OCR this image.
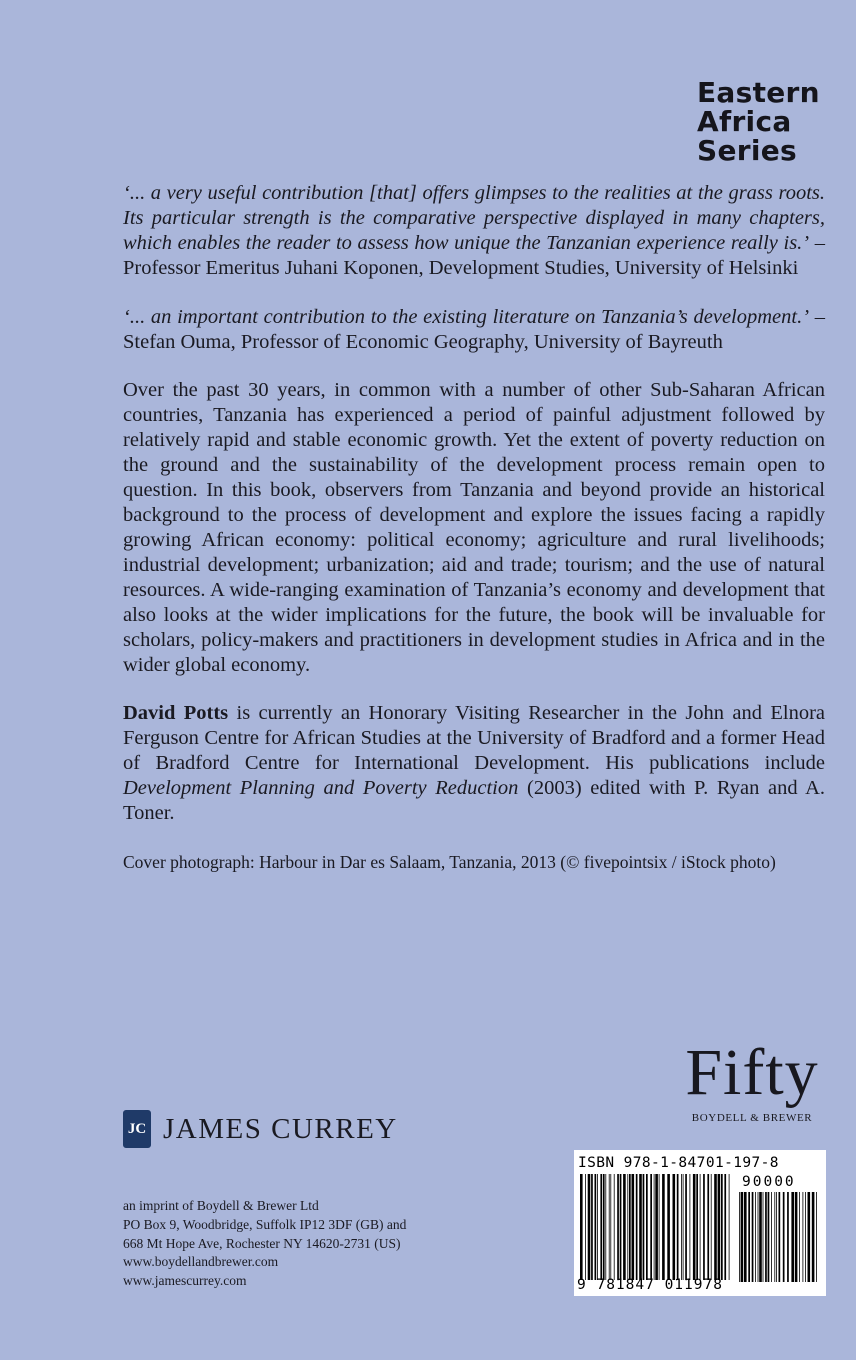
Eastern
Africa
Series

‘... a very useful contribution [that] offers glimpses to the realities at the grass roots. Its particular strength is the comparative perspective displayed in many chapters, which enables the reader to assess how unique the Tanzanian experience really is.’ – Professor Emeritus Juhani Koponen, Development Studies, University of Helsinki

‘... an important contribution to the existing literature on Tanzania’s development.’ – Stefan Ouma, Professor of Economic Geography, University of Bayreuth

Over the past 30 years, in common with a number of other Sub-Saharan African countries, Tanzania has experienced a period of painful adjustment followed by relatively rapid and stable economic growth. Yet the extent of poverty reduction on the ground and the sustainability of the development process remain open to question. In this book, observers from Tanzania and beyond provide an historical background to the process of development and explore the issues facing a rapidly growing African economy: political economy; agriculture and rural livelihoods; industrial development; urbanization; aid and trade; tourism; and the use of natural resources. A wide-ranging examination of Tanzania’s economy and development that also looks at the wider implications for the future, the book will be invaluable for scholars, policy-makers and practitioners in development studies in Africa and in the wider global economy.

David Potts is currently an Honorary Visiting Researcher in the John and Elnora Ferguson Centre for African Studies at the University of Bradford and a former Head of Bradford Centre for International Development. His publications include Development Planning and Poverty Reduction (2003) edited with P. Ryan and A. Toner.

Cover photograph: Harbour in Dar es Salaam, Tanzania, 2013 (© fivepointsix / iStock photo)

Fifty
BOYDELL & BREWER
JC JAMES CURREY
an imprint of Boydell & Brewer Ltd
PO Box 9, Woodbridge, Suffolk IP12 3DF (GB) and
668 Mt Hope Ave, Rochester NY 14620-2731 (US)
www.boydellandbrewer.com
www.jamescurrey.com
ISBN 978-1-84701-197-8
90000
9 781847 011978
